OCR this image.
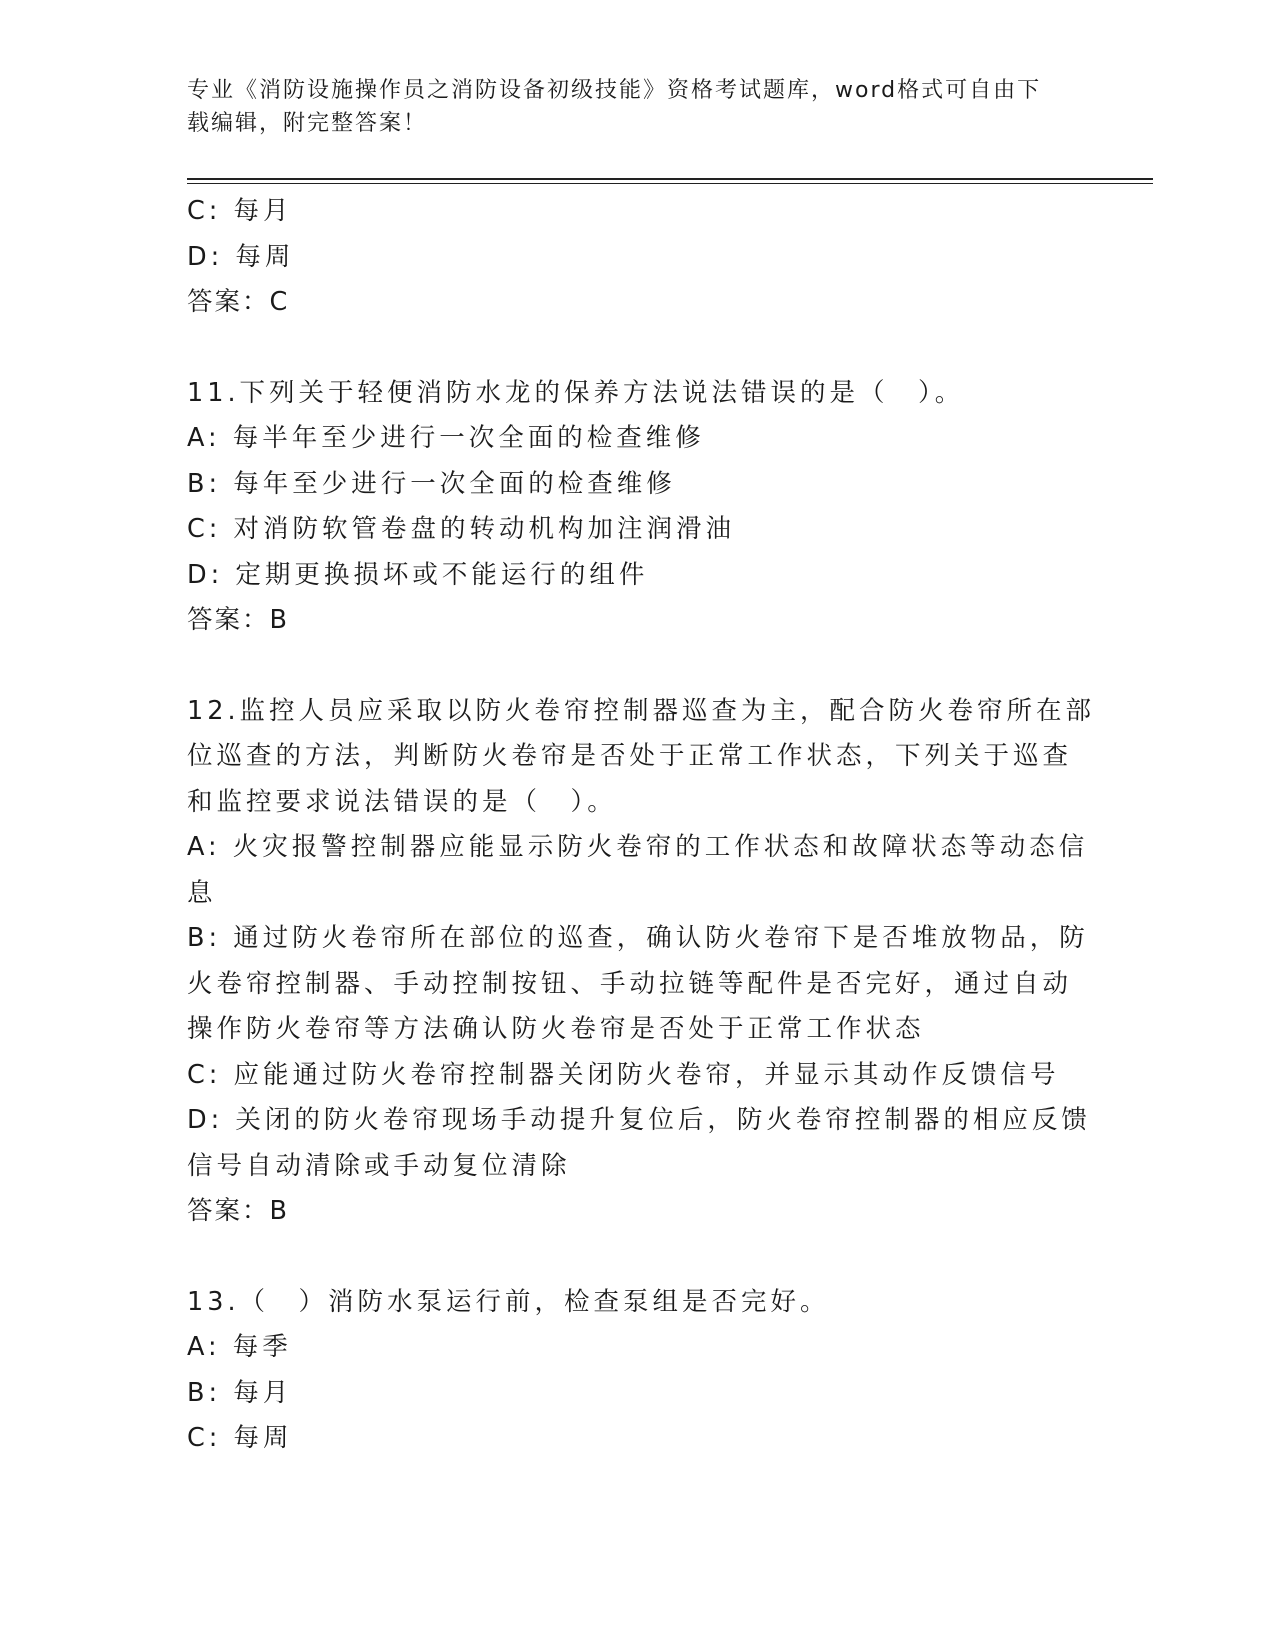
专业《消防设施操作员之消防设备初级技能》资格考试题库，word格式可自由下
载编辑，附完整答案！
C: 每月
D: 每周
答案：C
11.下列关于轻便消防水龙的保养方法说法错误的是（　）。
A: 每半年至少进行一次全面的检查维修
B: 每年至少进行一次全面的检查维修
C: 对消防软管卷盘的转动机构加注润滑油
D: 定期更换损坏或不能运行的组件
答案：B
12.监控人员应采取以防火卷帘控制器巡查为主，配合防火卷帘所在部
位巡查的方法，判断防火卷帘是否处于正常工作状态，下列关于巡查
和监控要求说法错误的是（　）。
A: 火灾报警控制器应能显示防火卷帘的工作状态和故障状态等动态信
息
B: 通过防火卷帘所在部位的巡查，确认防火卷帘下是否堆放物品，防
火卷帘控制器、手动控制按钮、手动拉链等配件是否完好，通过自动
操作防火卷帘等方法确认防火卷帘是否处于正常工作状态
C: 应能通过防火卷帘控制器关闭防火卷帘，并显示其动作反馈信号
D: 关闭的防火卷帘现场手动提升复位后，防火卷帘控制器的相应反馈
信号自动清除或手动复位清除
答案：B
13.（　）消防水泵运行前，检查泵组是否完好。
A: 每季
B: 每月
C: 每周
